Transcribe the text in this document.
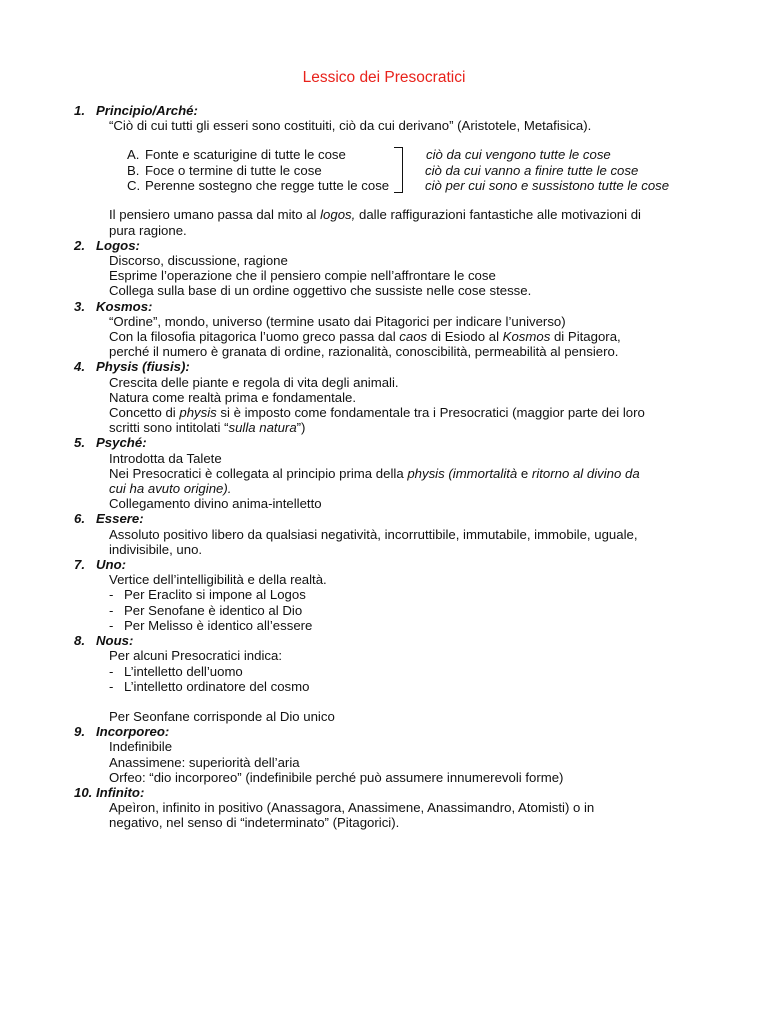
Lessico dei Presocratici
1. Principio/Arché:
“Ciò di cui tutti gli esseri sono costituiti, ciò da cui derivano” (Aristotele, Metafisica).
A. Fonte e scaturigine di tutte le cose
B. Foce o termine di tutte le cose
C. Perenne sostegno che regge tutte le cose
ciò da cui vengono tutte le cose
ciò da cui vanno a finire tutte le cose
ciò per cui sono e sussistono tutte le cose
Il pensiero umano passa dal mito al logos, dalle raffigurazioni fantastiche alle motivazioni di
pura ragione.
2. Logos:
Discorso, discussione, ragione
Esprime l’operazione che il pensiero compie nell’affrontare le cose
Collega sulla base di un ordine oggettivo che sussiste nelle cose stesse.
3. Kosmos:
“Ordine”, mondo, universo (termine usato dai Pitagorici per indicare l’universo)
Con la filosofia pitagorica l’uomo greco passa dal caos di Esiodo al Kosmos di Pitagora,
perché il numero è granata di ordine, razionalità, conoscibilità, permeabilità al pensiero.
4. Physis (fiusis):
Crescita delle piante e regola di vita degli animali.
Natura come realtà prima e fondamentale.
Concetto di physis si è imposto come fondamentale tra i Presocratici (maggior parte dei loro
scritti sono intitolati “sulla natura”)
5. Psyché:
Introdotta da Talete
Nei Presocratici è collegata al principio prima della physis (immortalità e ritorno al divino da
cui ha avuto origine).
Collegamento divino anima-intelletto
6. Essere:
Assoluto positivo libero da qualsiasi negatività, incorruttibile, immutabile, immobile, uguale,
indivisibile, uno.
7. Uno:
Vertice dell’intelligibilità e della realtà.
- Per Eraclito si impone al Logos
- Per Senofane è identico al Dio
- Per Melisso è identico all’essere
8. Nous:
Per alcuni Presocratici indica:
- L’intelletto dell’uomo
- L’intelletto ordinatore del cosmo
Per Seonfane corrisponde al Dio unico
9. Incorporeo:
Indefinibile
Anassimene: superiorità dell’aria
Orfeo: “dio incorporeo” (indefinibile perché può assumere innumerevoli forme)
10. Infinito:
Apeìron, infinito in positivo (Anassagora, Anassimene, Anassimandro, Atomisti) o in
negativo, nel senso di “indeterminato” (Pitagorici).
